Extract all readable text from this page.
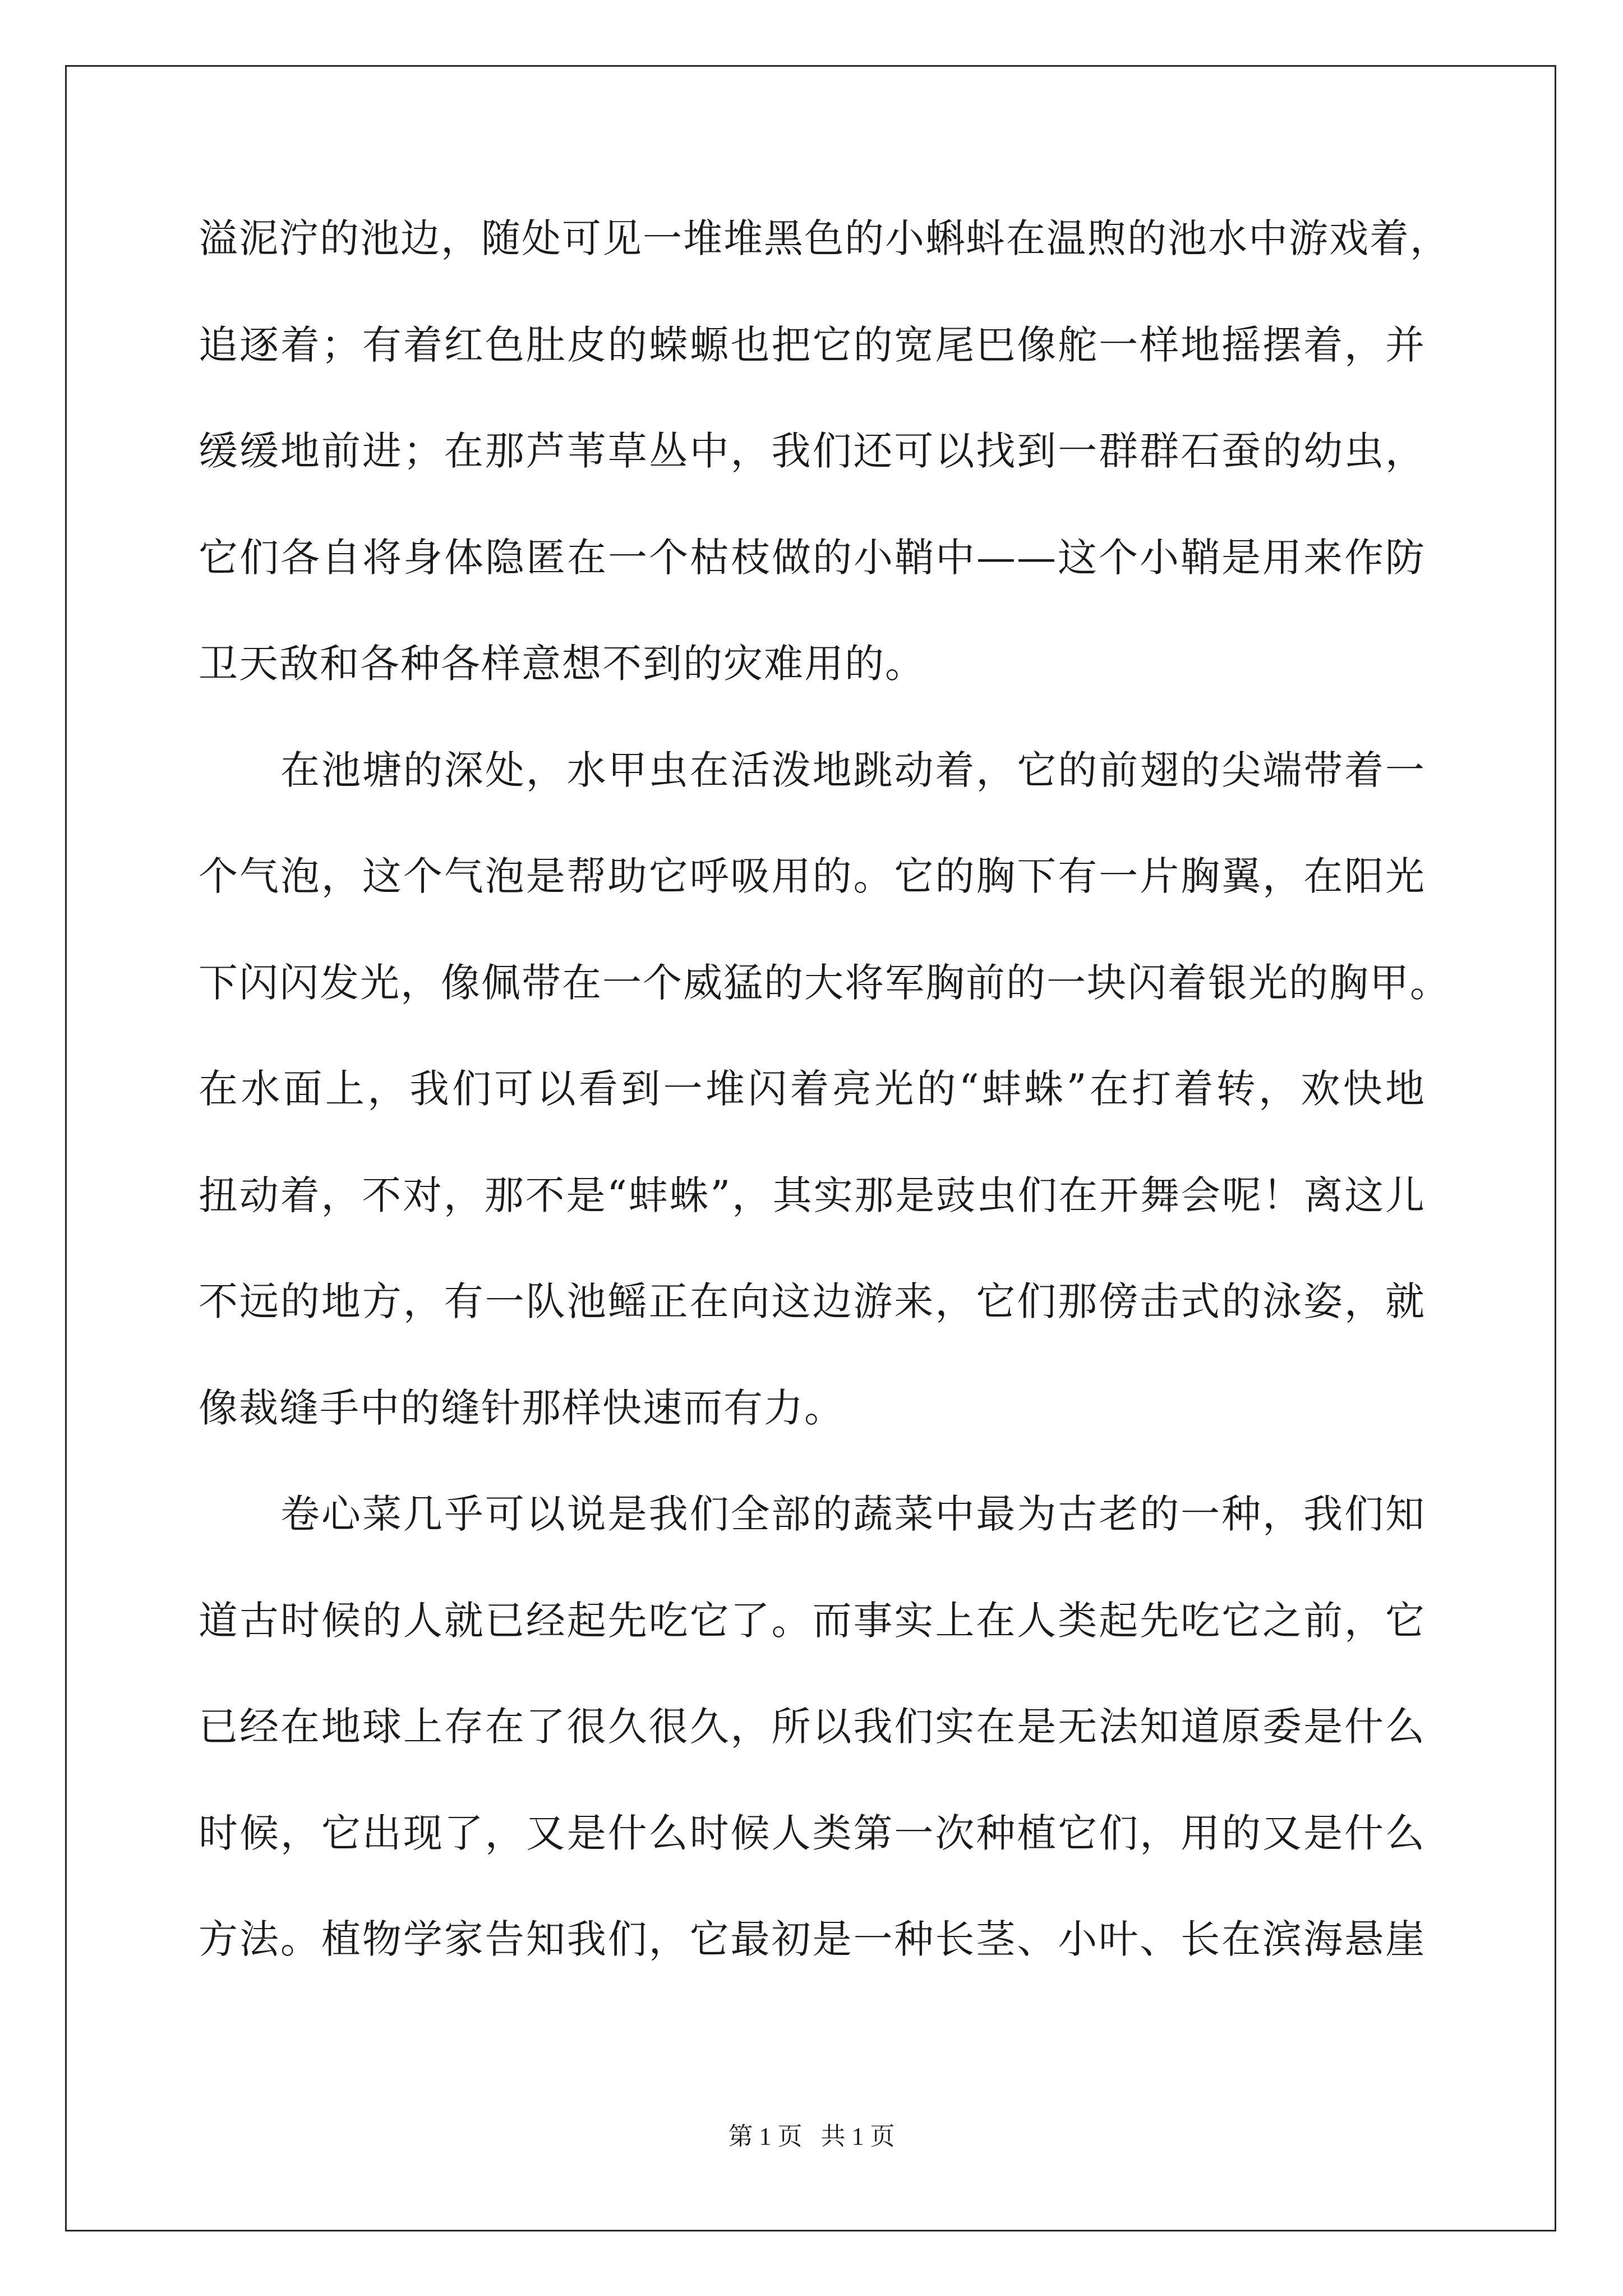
溢泥泞的池边，随处可见一堆堆黑色的小蝌蚪在温煦的池水中游戏着，
追逐着；有着红色肚皮的蝾螈也把它的宽尾巴像舵一样地摇摆着，并
缓缓地前进；在那芦苇草丛中，我们还可以找到一群群石蚕的幼虫，
它们各自将身体隐匿在一个枯枝做的小鞘中——这个小鞘是用来作防
卫天敌和各种各样意想不到的灾难用的。
在池塘的深处，水甲虫在活泼地跳动着，它的前翅的尖端带着一
个气泡，这个气泡是帮助它呼吸用的。它的胸下有一片胸翼，在阳光
下闪闪发光，像佩带在一个威猛的大将军胸前的一块闪着银光的胸甲。
在水面上，我们可以看到一堆闪着亮光的“蚌蛛”在打着转，欢快地
扭动着，不对，那不是“蚌蛛”，其实那是豉虫们在开舞会呢！离这儿
不远的地方，有一队池鳐正在向这边游来，它们那傍击式的泳姿，就
像裁缝手中的缝针那样快速而有力。
卷心菜几乎可以说是我们全部的蔬菜中最为古老的一种，我们知
道古时候的人就已经起先吃它了。而事实上在人类起先吃它之前，它
已经在地球上存在了很久很久，所以我们实在是无法知道原委是什么
时候，它出现了，又是什么时候人类第一次种植它们，用的又是什么
方法。植物学家告知我们，它最初是一种长茎、小叶、长在滨海悬崖
第 1 页   共 1 页
